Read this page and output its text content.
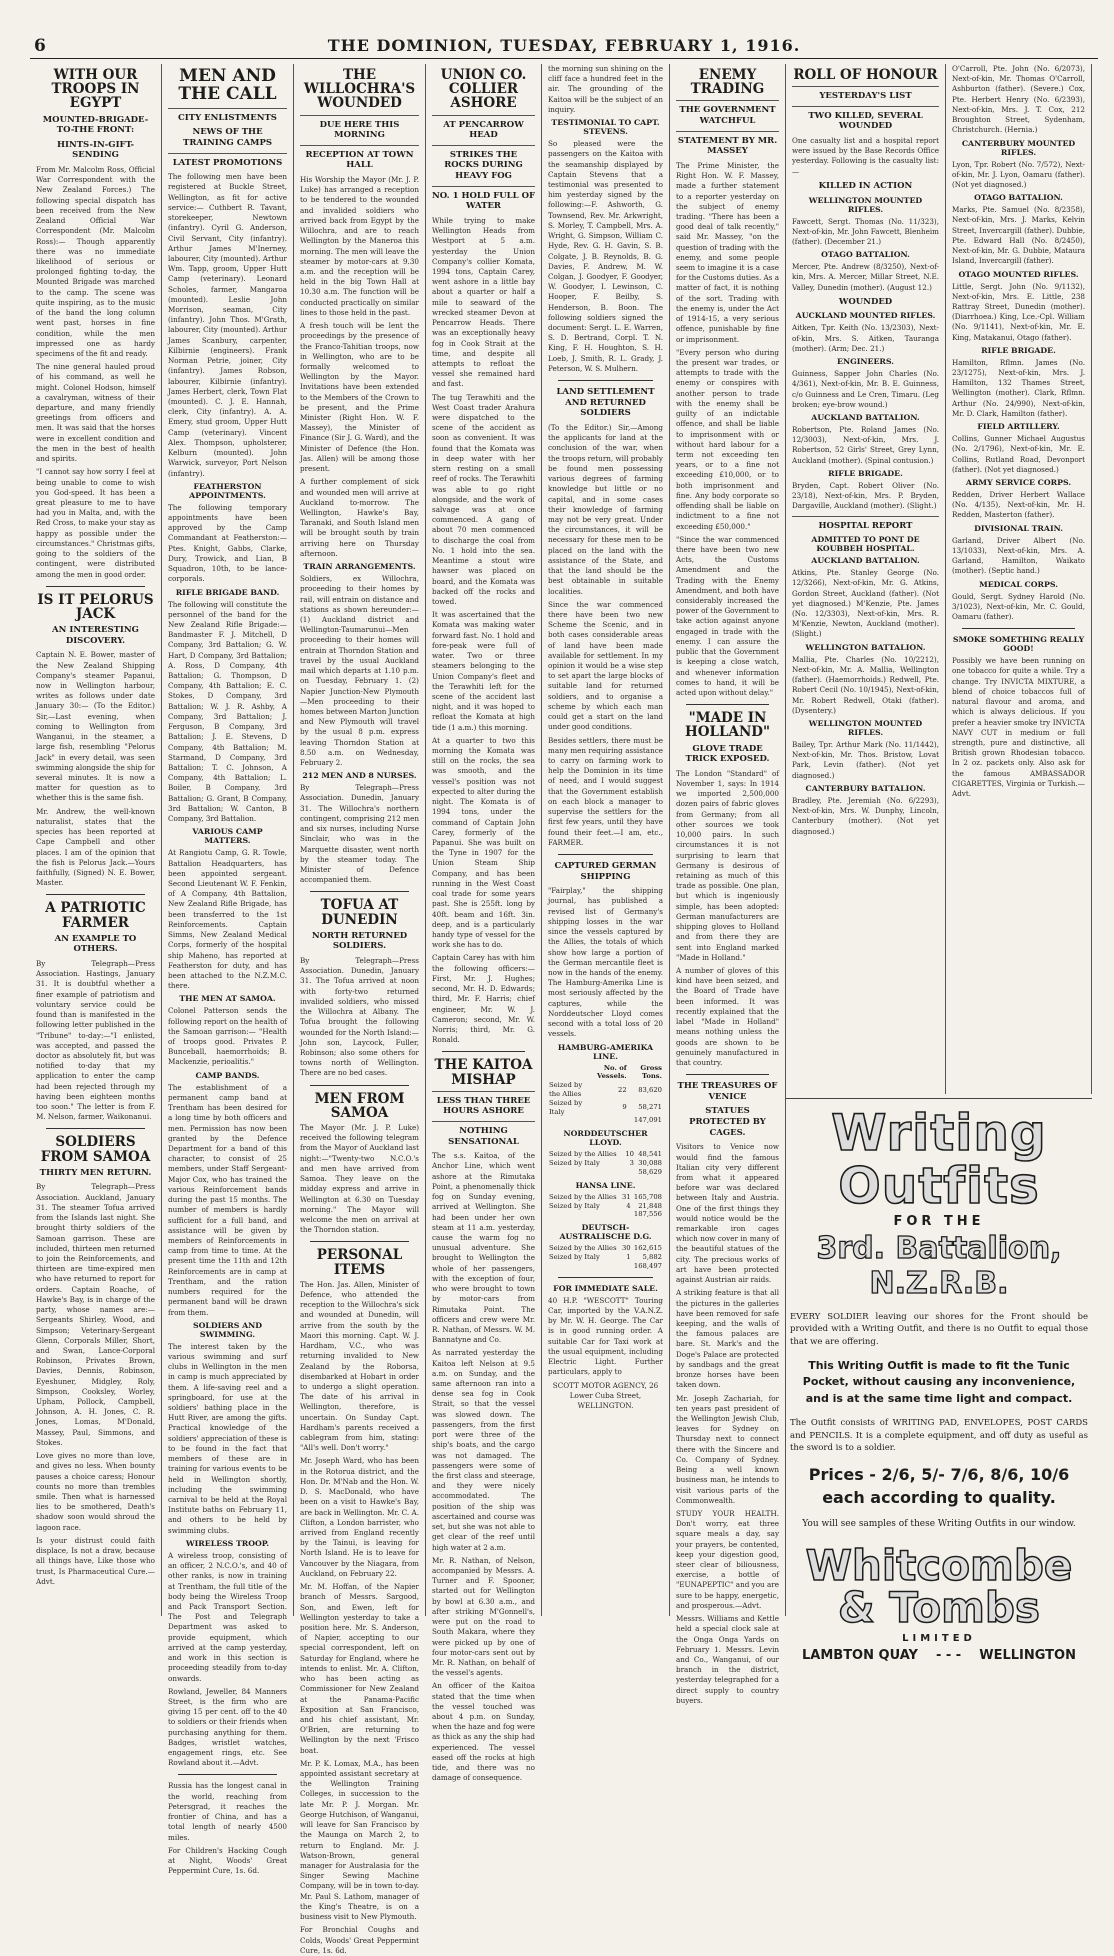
6	THE DOMINION, TUESDAY, FEBRUARY 1, 1916.
WITH OUR TROOPS IN EGYPT
MOUNTED-BRIGADE-TO-THE FRONT:
HINTS-IN-GIFT-SENDING

From Mr. Malcolm Ross, Official War Correspondent with the New Zealand Forces.) The following special dispatch has been received from the New Zealand Official War Correspondent (Mr. Malcolm Ross):— Though apparently there was no immediate likelihood of serious or prolonged fighting to-day, the Mounted Brigade was marched to the camp. The scene was quite inspiring, as to the music of the band the long column went past, horses in fine condition, while the men impressed one as hardy specimens of the fit and ready.

The nine general hauled proud of his command, as well he might. Colonel Hodson, himself a cavalryman, witness of their departure, and many friendly greetings from officers and men. It was said that the horses were in excellent condition and the men in the best of health and spirits.

"I cannot say how sorry I feel at being unable to come to wish you God-speed. It has been a great pleasure to me to have had you in Malta, and, with the Red Cross, to make your stay as happy as possible under the circumstances." Christmas gifts, going to the soldiers of the contingent, were distributed among the men in good order.

IS IT PELORUS JACK
AN INTERESTING DISCOVERY.

Captain N. E. Bower, master of the New Zealand Shipping Company's steamer Papanui, now in Wellington harbour, writes as follows under date January 30:— (To the Editor.) Sir,—Last evening, when coming to Wellington from Wanganui, in the steamer, a large fish, resembling "Pelorus Jack" in every detail, was seen swimming alongside the ship for several minutes. It is now a matter for question as to whether this is the same fish.

Mr. Andrew, the well-known naturalist, states that the species has been reported at Cape Campbell and other places. I am of the opinion that the fish is Pelorus Jack.—Yours faithfully, (Signed) N. E. Bower, Master.

A PATRIOTIC FARMER
AN EXAMPLE TO OTHERS.

By Telegraph—Press Association. Hastings, January 31. It is doubtful whether a finer example of patriotism and voluntary service could be found than is manifested in the following letter published in the "Tribune" to-day:—"I enlisted, was accepted, and passed the doctor as absolutely fit, but was notified to-day that my application to enter the camp had been rejected through my having been eighteen months too soon." The letter is from F. M. Nelson, farmer, Waikonanui.

SOLDIERS FROM SAMOA
THIRTY MEN RETURN.

By Telegraph—Press Association. Auckland, January 31. The steamer Tofua arrived from the Islands last night. She brought thirty soldiers of the Samoan garrison. These are included, thirteen men returned to join the Reinforcements, and thirteen are time-expired men who have returned to report for orders. Captain Roache, of Hawke's Bay, is in charge of the party, whose names are:—Sergeants Shirley, Wood, and Simpson; Veterinary-Sergeant Glenn, Corporals Miller, Short, and Swan, Lance-Corporal Robinson, Privates Brown, Davies, Dennis, Robinson, Eyeshuner, Midgley, Roly, Simpson, Cooksley, Worley, Upham, Pollock, Campbell, Johnson, A. H. Jones, C. R. Jones, Lomas, M'Donald, Massey, Paul, Simmons, and Stokes.

Love gives no more than love, and gives no less. When bounty pauses a choice caress; Honour counts no more than trembles smile. Then what is harnessed lies to be smothered, Death's shadow soon would shroud the lagoon race.

Is your distrust could faith displace, Is not a draw, because all things have, Like those who trust, Is Pharmaceutical Cure.—Advt.

MEN AND THE CALL
CITY ENLISTMENTS
NEWS OF THE TRAINING CAMPS
LATEST PROMOTIONS

The following men have been registered at Buckle Street, Wellington, as fit for active service:— Cuthbert R. Tavant, storekeeper, Newtown (infantry). Cyril G. Anderson, Civil Servant, City (infantry). Arthur James M'Inerney, labourer, City (mounted). Arthur Wm. Tapp, groom, Upper Hutt Camp (veterinary). Leonard Scholes, farmer, Mangaroa (mounted). Leslie John Morrison, seaman, City (infantry). John Thos. M'Grath, labourer, City (mounted). Arthur James Scanbury, carpenter, Kilbirnie (engineers). Frank Norman Petrie, joiner, City (infantry). James Robson, labourer, Kilbirnie (infantry). James Herbert, clerk, Town Flat (mounted). C. J. E. Hannah, clerk, City (infantry). A. A. Emery, stud groom, Upper Hutt Camp (veterinary). Vincent Alex. Thompson, upholsterer, Kelburn (mounted). John Warwick, surveyor, Port Nelson (infantry).

FEATHERSTON APPOINTMENTS.

The following temporary appointments have been approved by the Camp Commandant at Featherston:—Ptes. Knight, Gabbs, Clarke, Dury, Trowick, and Lian, B Squadron, 10th, to be lance-corporals.

RIFLE BRIGADE BAND.

The following will constitute the personnel of the band for the New Zealand Rifle Brigade:—Bandmaster F. J. Mitchell, D Company, 3rd Battalion; G. W. Hart, D Company, 3rd Battalion; A. Ross, D Company, 4th Battalion; G. Thompson, D Company, 4th Battalion; E. C. Stokes, D Company, 3rd Battalion; W. J. R. Ashby, A Company, 3rd Battalion; J. Ferguson, B Company, 3rd Battalion; J. E. Stevens, D Company, 4th Battalion; M. Starmand, D Company, 3rd Battalion; T. C. Johnson, A Company, 4th Battalion; L. Boiler, B Company, 3rd Battalion; G. Grant, B Company, 3rd Battalion; W. Canton, B Company, 3rd Battalion.

VARIOUS CAMP MATTERS.

At Rangiotu Camp, G. R. Towle, Battalion Headquarters, has been appointed sergeant. Second Lieutenant W. F. Fenkin, of A Company, 4th Battalion, New Zealand Rifle Brigade, has been transferred to the 1st Reinforcements. Captain Simms, New Zealand Medical Corps, formerly of the hospital ship Maheno, has reported at Featherston for duty, and has been attached to the N.Z.M.C. there.

THE MEN AT SAMOA.

Colonel Patterson sends the following report on the health of the Samoan garrison:— "Health of troops good. Privates P. Bunceball, haemorrhoids; B. Mackenzie, perioalitis."

CAMP BANDS.

The establishment of a permanent camp band at Trentham has been desired for a long time by both officers and men. Permission has now been granted by the Defence Department for a band of this character, to consist of 25 members, under Staff Sergeant-Major Cox, who has trained the various Reinforcement bands during the past 15 months. The number of members is hardly sufficient for a full band, and assistance will be given by members of Reinforcements in camp from time to time. At the present time the 11th and 12th Reinforcements are in camp at Trentham, and the ration numbers required for the permanent band will be drawn from them.

SOLDIERS AND SWIMMING.

The interest taken by the various swimming and surf clubs in Wellington in the men in camp is much appreciated by them. A life-saving reel and a springboard, for use at the soldiers' bathing place in the Hutt River, are among the gifts. Practical knowledge of the soldiers' appreciation of these is to be found in the fact that members of these are in training for various events to be held in Wellington shortly, including the swimming carnival to be held at the Royal Institute baths on February 11, and others to be held by swimming clubs.

WIRELESS TROOP.

A wireless troop, consisting of an officer, 2 N.C.O.'s, and 40 of other ranks, is now in training at Trentham, the full title of the body being the Wireless Troop and Pack Transport Section. The Post and Telegraph Department was asked to provide equipment, which arrived at the camp yesterday, and work in this section is proceeding steadily from to-day onwards.

Rowland, Jeweller, 84 Manners Street, is the firm who are giving 15 per cent. off to the 40 to soldiers or their friends when purchasing anything for them. Badges, wristlet watches, engagement rings, etc. See Rowland about it.—Advt.

Russia has the longest canal in the world, reaching from Petersgrad, it reaches the frontier of China, and has a total length of nearly 4500 miles.

For Children's Hacking Cough at Night, Woods' Great Peppermint Cure, 1s. 6d.

THE WILLOCHRA'S WOUNDED
DUE HERE THIS MORNING
RECEPTION AT TOWN HALL

His Worship the Mayor (Mr. J. P. Luke) has arranged a reception to be tendered to the wounded and invalided soldiers who arrived back from Egypt by the Willochra, and are to reach Wellington by the Maneroa this morning. The men will leave the steamer by motor-cars at 9.30 a.m. and the reception will be held in the big Town Hall at 10.30 a.m. The function will be conducted practically on similar lines to those held in the past.

A fresh touch will be lent the proceedings by the presence of the Franco-Tahitian troops, now in Wellington, who are to be formally welcomed to Wellington by the Mayor. Invitations have been extended to the Members of the Crown to be present, and the Prime Minister (Right Hon. W. F. Massey), the Minister of Finance (Sir J. G. Ward), and the Minister of Defence (the Hon. Jas. Allen) will be among those present.

A further complement of sick and wounded men will arrive at Auckland to-morrow. The Wellington, Hawke's Bay, Taranaki, and South Island men will be brought south by train arriving here on Thursday afternoon.

TRAIN ARRANGEMENTS.

Soldiers, ex Willochra, proceeding to their homes by rail, will entrain on distance and stations as shown hereunder:—(1) Auckland district and Wellington-Taumarunui—Men proceeding to their homes will entrain at Thorndon Station and travel by the usual Auckland mail which departs at 1.10 p.m. on Tuesday, February 1. (2) Napier Junction-New Plymouth—Men proceeding to their homes between Marton Junction and New Plymouth will travel by the usual 8 p.m. express leaving Thorndon Station at 8.50 a.m. on Wednesday, February 2.

212 MEN AND 8 NURSES.

By Telegraph—Press Association. Dunedin, January 31. The Willochra's northern contingent, comprising 212 men and six nurses, including Nurse Sinclair, who was in the Marquette disaster, went north by the steamer today. The Minister of Defence accompanied them.

TOFUA AT DUNEDIN
NORTH RETURNED SOLDIERS.

By Telegraph—Press Association. Dunedin, January 31. The Tofua arrived at noon with forty-two returned invalided soldiers, who missed the Willochra at Albany. The Tofua brought the following wounded for the North Island:—John son, Laycock, Fuller, Robinson; also some others for towns north of Wellington. There are no bed cases.

MEN FROM SAMOA

The Mayor (Mr. J. P. Luke) received the following telegram from the Mayor of Auckland last night:—"Twenty-two N.C.O.'s and men have arrived from Samoa. They leave on the midday express and arrive in Wellington at 6.30 on Tuesday morning." The Mayor will welcome the men on arrival at the Thorndon station.

PERSONAL ITEMS

The Hon. Jas. Allen, Minister of Defence, who attended the reception to the Willochra's sick and wounded at Dunedin, will arrive from the south by the Maori this morning. Capt. W. J. Hardham, V.C., who was returning invalided to New Zealand by the Roborsa, disembarked at Hobart in order to undergo a slight operation. The date of his arrival in Wellington, therefore, is uncertain. On Sunday Capt. Hardham's parents received a cablegram from him, stating: "All's well. Don't worry."

Mr. Joseph Ward, who has been in the Rotorua district, and the Hon. Dr. M'Nab and the Hon. W. D. S. MacDonald, who have been on a visit to Hawke's Bay, are back in Wellington. Mr. C. A. Clifton, a London barrister, who arrived from England recently by the Tainui, is leaving for North Island. He is to leave for Vancouver by the Niagara, from Auckland, on February 22.

Mr. M. Hoffan, of the Napier branch of Messrs. Sargood, Son, and Ewen, left for Wellington yesterday to take a position here. Mr. S. Anderson, of Napier, accepting to our special correspondent, left on Saturday for England, where he intends to enlist. Mr. A. Clifton, who has been acting as Commissioner for New Zealand at the Panama-Pacific Exposition at San Francisco, and his chief assistant, Mr. O'Brien, are returning to Wellington by the next 'Frisco boat.

Mr. P. K. Lomax, M.A., has been appointed assistant secretary at the Wellington Training Colleges, in succession to the late Mr. P. J. Morgan. Mr. George Hutchison, of Wanganui, will leave for San Francisco by the Maunga on March 2, to return to England. Mr. J. Watson-Brown, general manager for Australasia for the Singer Sewing Machine Company, will be in town to-day. Mr. Paul S. Lathom, manager of the King's Theatre, is on a business visit to New Plymouth.

For Bronchial Coughs and Colds, Woods' Great Peppermint Cure, 1s. 6d.

UNION CO. COLLIER ASHORE
AT PENCARROW HEAD
STRIKES THE ROCKS DURING HEAVY FOG
NO. 1 HOLD FULL OF WATER

While trying to make Wellington Heads from Westport at 5 a.m. yesterday the Union Company's collier Komata, 1994 tons, Captain Carey, went ashore in a little bay about a quarter or half a mile to seaward of the wrecked steamer Devon at Pencarrow Heads. There was an exceptionally heavy fog in Cook Strait at the time, and despite all attempts to refloat the vessel she remained hard and fast.

The tug Terawhiti and the West Coast trader Arahura were dispatched to the scene of the accident as soon as convenient. It was found that the Komata was in deep water with her stern resting on a small reef of rocks. The Terawhiti was able to go right alongside, and the work of salvage was at once commenced. A gang of about 70 men commenced to discharge the coal from No. 1 hold into the sea. Meantime a stout wire hawser was placed on board, and the Komata was backed off the rocks and towed.

It was ascertained that the Komata was making water forward fast. No. 1 hold and fore-peak were full of water. Two or three steamers belonging to the Union Company's fleet and the Terawhiti left for the scene of the accident last night, and it was hoped to refloat the Komata at high tide (1 a.m.) this morning.

At a quarter to two this morning the Komata was still on the rocks, the sea was smooth, and the vessel's position was not expected to alter during the night. The Komata is of 1994 tons, under the command of Captain John Carey, formerly of the Papanui. She was built on the Tyne in 1907 for the Union Steam Ship Company, and has been running in the West Coast coal trade for some years past. She is 255ft. long by 40ft. beam and 16ft. 3in. deep, and is a particularly handy type of vessel for the work she has to do.

Captain Carey has with him the following officers:—First, Mr. J. Hughes; second, Mr. H. D. Edwards; third, Mr. F. Harris; chief engineer, Mr. W. J. Cameron; second, Mr. W. Norris; third, Mr. G. Ronald.

THE KAITOA MISHAP
LESS THAN THREE HOURS ASHORE
NOTHING SENSATIONAL

The s.s. Kaitoa, of the Anchor Line, which went ashore at the Rimutaka Point, a phenomenally thick fog on Sunday evening, arrived at Wellington. She had been under her own steam at 11 a.m. yesterday, cause the warm fog no unusual adventure. She brought to Wellington the whole of her passengers, with the exception of four, who were brought to town by motor-cars from Rimutaka Point. The officers and crew were Mr. R. Nathan, of Messrs. W. M. Bannatyne and Co.

As narrated yesterday the Kaitoa left Nelson at 9.5 a.m. on Sunday, and the same afternoon ran into a dense sea fog in Cook Strait, so that the vessel was slowed down. The passengers, from the first port were three of the ship's boats, and the cargo was not damaged. The passengers were some of the first class and steerage, and they were nicely accommodated. The position of the ship was ascertained and course was set, but she was not able to get clear of the reef until high water at 2 a.m.

Mr. R. Nathan, of Nelson, accompanied by Messrs. A. Turner and F. Spooner, started out for Wellington by bowl at 6.30 a.m., and after striking M'Gonnell's, were put on the road to South Makara, where they were picked up by one of four motor-cars sent out by Mr. R. Nathan, on behalf of the vessel's agents.

An officer of the Kaitoa stated that the time when the vessel touched was about 4 p.m. on Sunday, when the haze and fog were as thick as any the ship had experienced. The vessel eased off the rocks at high tide, and there was no damage of consequence.

the morning sun shining on the cliff face a hundred feet in the air. The grounding of the Kaitoa will be the subject of an inquiry.

TESTIMONIAL TO CAPT. STEVENS.

So pleased were the passengers on the Kaitoa with the seamanship displayed by Captain Stevens that a testimonial was presented to him yesterday signed by the following:—F. Ashworth, G. Townsend, Rev. Mr. Arkwright, S. Morley, T. Campbell, Mrs. A. Wright, G. Simpson, William C. Hyde, Rev. G. H. Gavin, S. B. Colgate, J. B. Reynolds, B. G. Davies, F. Andrew, M. W. Colgan, J. Goodyer, F. Goodyer, W. Goodyer, I. Lewinson, C. Hooper, F. Beilby, S. Henderson, B. Boon. The following soldiers signed the document: Sergt. L. E. Warren, S. D. Bertrand, Corpl. T. N. King, F. H. Houghton, S. H. Loeb, J. Smith, R. L. Grady, J. Peterson, W. S. Mulhern.

LAND SETTLEMENT AND RETURNED SOLDIERS

(To the Editor.) Sir,—Among the applicants for land at the conclusion of the war, when the troops return, will probably be found men possessing various degrees of farming knowledge but little or no capital, and in some cases their knowledge of farming may not be very great. Under the circumstances, it will be necessary for these men to be placed on the land with the assistance of the State, and that the land should be the best obtainable in suitable localities.

Since the war commenced there have been two new Scheme the Scenic, and in both cases considerable areas of land have been made available for settlement. In my opinion it would be a wise step to set apart the large blocks of suitable land for returned soldiers, and to organise a scheme by which each man could get a start on the land under good conditions.

Besides settlers, there must be many men requiring assistance to carry on farming work to help the Dominion in its time of need, and I would suggest that the Government establish on each block a manager to supervise the settlers for the first few years, until they have found their feet.—I am, etc., FARMER.

CAPTURED GERMAN SHIPPING

"Fairplay," the shipping journal, has published a revised list of Germany's shipping losses in the war since the vessels captured by the Allies, the totals of which show how large a portion of the German mercantile fleet is now in the hands of the enemy. The Hamburg-Amerika Line is most seriously affected by the captures, while the Norddeutscher Lloyd comes second with a total loss of 20 vessels.

HAMBURG-AMERIKA LINE.
	No. of Vessels.	Gross Tons.
Seized by the Allies	22	83,620
Seized by Italy	9	58,271
		147,091
NORDDEUTSCHER LLOYD.
Seized by the Allies	10	48,541
Seized by Italy	3	30,088
		58,629
HANSA LINE.
Seized by the Allies	31	165,708
Seized by Italy	4	21,848
		187,556
DEUTSCH-AUSTRALISCHE D.G.
Seized by the Allies	30	162,615
Seized by Italy	1	5,882
		168,497
FOR IMMEDIATE SALE.

40 H.P. "WESCOTT" Touring Car, imported by the V.A.N.Z. by Mr. W. H. George. The Car is in good running order. A suitable Car for Taxi work at the usual equipment, including Electric Light. Further particulars, apply to

SCOTT MOTOR AGENCY, 26 Lower Cuba Street, WELLINGTON.

ENEMY TRADING
THE GOVERNMENT WATCHFUL
STATEMENT BY MR. MASSEY

The Prime Minister, the Right Hon. W. F. Massey, made a further statement to a reporter yesterday on the subject of enemy trading. "There has been a good deal of talk recently," said Mr. Massey, "on the question of trading with the enemy, and some people seem to imagine it is a case for the Customs duties. As a matter of fact, it is nothing of the sort. Trading with the enemy is, under the Act of 1914-15, a very serious offence, punishable by fine or imprisonment.

"Every person who during the present war trades, or attempts to trade with the enemy or conspires with another person to trade with the enemy shall be guilty of an indictable offence, and shall be liable to imprisonment with or without hard labour for a term not exceeding ten years, or to a fine not exceeding £10,000, or to both imprisonment and fine. Any body corporate so offending shall be liable on indictment to a fine not exceeding £50,000."

"Since the war commenced there have been two new Acts, the Customs Amendment and the Trading with the Enemy Amendment, and both have considerably increased the power of the Government to take action against anyone engaged in trade with the enemy. I can assure the public that the Government is keeping a close watch, and whenever information comes to hand, it will be acted upon without delay."

"MADE IN HOLLAND"
GLOVE TRADE TRICK EXPOSED.

The London "Standard" of November 1, says: In 1914 we imported 2,500,000 dozen pairs of fabric gloves from Germany; from all other sources we took 10,000 pairs. In such circumstances it is not surprising to learn that Germany is desirous of retaining as much of this trade as possible. One plan, but which is ingeniously simple, has been adopted: German manufacturers are shipping gloves to Holland and from there they are sent into England marked "Made in Holland."

A number of gloves of this kind have been seized, and the Board of Trade have been informed. It was recently explained that the label "Made in Holland" means nothing unless the goods are shown to be genuinely manufactured in that country.

THE TREASURES OF VENICE
STATUES PROTECTED BY CAGES.

Visitors to Venice now would find the famous Italian city very different from what it appeared before war was declared between Italy and Austria. One of the first things they would notice would be the remarkable iron cages which now cover in many of the beautiful statues of the city. The precious works of art have been protected against Austrian air raids.

A striking feature is that all the pictures in the galleries have been removed for safe keeping, and the walls of the famous palaces are bare. St. Mark's and the Doge's Palace are protected by sandbags and the great bronze horses have been taken down.

Mr. Joseph Zachariah, for ten years past president of the Wellington Jewish Club, leaves for Sydney on Thursday next to connect there with the Sincere and Co. Company of Sydney. Being a well known business man, he intends to visit various parts of the Commonwealth.

STUDY YOUR HEALTH. Don't worry, eat three square meals a day, say your prayers, be contented, keep your digestion good, steer clear of biliousness, exercise, a bottle of "EUNAPEPTIC" and you are sure to be happy, energetic, and prosperous.—Advt.

Messrs. Williams and Kettle held a special clock sale at the Onga Onga Yards on February 1. Messrs. Levin and Co., Wanganui, of our branch in the district, yesterday telegraphed for a direct supply to country buyers.

ROLL OF HONOUR
YESTERDAY'S LIST
TWO KILLED, SEVERAL WOUNDED

One casualty list and a hospital report were issued by the Base Records Office yesterday. Following is the casualty list:—

KILLED IN ACTION
WELLINGTON MOUNTED RIFLES.

Fawcett, Sergt. Thomas (No. 11/323), Next-of-kin, Mr. John Fawcett, Blenheim (father). (December 21.)

OTAGO BATTALION.

Mercer, Pte. Andrew (8/3250), Next-of-kin, Mrs. A. Mercer, Millar Street, N.E. Valley, Dunedin (mother). (August 12.)

WOUNDED
AUCKLAND MOUNTED RIFLES.

Aitken, Tpr. Keith (No. 13/2303), Next-of-kin, Mrs. S. Aitken, Tauranga (mother). (Arm; Dec. 21.)

ENGINEERS.

Guinness, Sapper John Charles (No. 4/361), Next-of-kin, Mr. B. E. Guinness, c/o Guinness and Le Cren, Timaru. (Leg broken; eye-brow wound.)

AUCKLAND BATTALION.

Robertson, Pte. Roland James (No. 12/3003), Next-of-kin, Mrs. J. Robertson, 52 Girls' Street, Grey Lynn, Auckland (mother). (Spinal contusion.)

RIFLE BRIGADE.

Bryden, Capt. Robert Oliver (No. 23/18), Next-of-kin, Mrs. P. Bryden, Dargaville, Auckland (mother). (Slight.)

HOSPITAL REPORT
ADMITTED TO PONT DE KOUBBEH HOSPITAL.
AUCKLAND BATTALION.

Atkins, Pte. Stanley George (No. 12/3266), Next-of-kin, Mr. G. Atkins, Gordon Street, Auckland (father). (Not yet diagnosed.) M'Kenzie, Pte. James (No. 12/3303), Next-of-kin, Mrs. R. M'Kenzie, Newton, Auckland (mother). (Slight.)

WELLINGTON BATTALION.

Mallia, Pte. Charles (No. 10/2212), Next-of-kin, Mr. A. Mallia, Wellington (father). (Haemorrhoids.) Redwell, Pte. Robert Cecil (No. 10/1945), Next-of-kin, Mr. Robert Redwell, Otaki (father). (Dysentery.)

WELLINGTON MOUNTED RIFLES.

Bailey, Tpr. Arthur Mark (No. 11/1442), Next-of-kin, Mr. Thos. Bristow, Lovat Park, Levin (father). (Not yet diagnosed.)

CANTERBURY BATTALION.

Bradley, Pte. Jeremiah (No. 6/2293), Next-of-kin, Mrs. W. Dunphy, Lincoln, Canterbury (mother). (Not yet diagnosed.)

O'Carroll, Pte. John (No. 6/2073), Next-of-kin, Mr. Thomas O'Carroll, Ashburton (father). (Severe.) Cox, Pte. Herbert Henry (No. 6/2393), Next-of-kin, Mrs. J. T. Cox, 212 Broughton Street, Sydenham, Christchurch. (Hernia.)

CANTERBURY MOUNTED RIFLES.

Lyon, Tpr. Robert (No. 7/572), Next-of-kin, Mr. J. Lyon, Oamaru (father). (Not yet diagnosed.)

OTAGO BATTALION.

Marks, Pte. Samuel (No. 8/2358), Next-of-kin, Mrs. J. Marks, Kelvin Street, Invercargill (father). Dubbie, Pte. Edward Hall (No. 8/2450), Next-of-kin, Mr. G. Dubbie, Mataura Island, Invercargill (father).

OTAGO MOUNTED RIFLES.

Little, Sergt. John (No. 9/1132), Next-of-kin, Mrs. E. Little, 238 Rattray Street, Dunedin (mother). (Diarrhoea.) King, Lce.-Cpl. William (No. 9/1141), Next-of-kin, Mr. E. King, Matakanui, Otago (father).

RIFLE BRIGADE.

Hamilton, Rflmn. James (No. 23/1275), Next-of-kin, Mrs. J. Hamilton, 132 Thames Street, Wellington (mother). Clark, Rflmn. Arthur (No. 24/990), Next-of-kin, Mr. D. Clark, Hamilton (father).

FIELD ARTILLERY.

Collins, Gunner Michael Augustus (No. 2/1796), Next-of-kin, Mr. E. Collins, Rutland Road, Devonport (father). (Not yet diagnosed.)

ARMY SERVICE CORPS.

Redden, Driver Herbert Wallace (No. 4/135), Next-of-kin, Mr. H. Redden, Masterton (father).

DIVISIONAL TRAIN.

Garland, Driver Albert (No. 13/1033), Next-of-kin, Mrs. A. Garland, Hamilton, Waikato (mother). (Septic hand.)

MEDICAL CORPS.

Gould, Sergt. Sydney Harold (No. 3/1023), Next-of-kin, Mr. C. Gould, Oamaru (father).

SMOKE SOMETHING REALLY GOOD!

Possibly we have been running on one tobacco for quite a while. Try a change. Try INVICTA MIXTURE, a blend of choice tobaccos full of natural flavour and aroma, and which is always delicious. If you prefer a heavier smoke try INVICTA NAVY CUT in medium or full strength, pure and distinctive, all British grown Rhodesian tobacco. In 2 oz. packets only. Also ask for the famous AMBASSADOR CIGARETTES, Virginia or Turkish.—Advt.

Writing Outfits
FOR THE
3rd. Battalion, N.Z.R.B.

EVERY SOLDIER leaving our shores for the Front should be provided with a Writing Outfit, and there is no Outfit to equal those that we are offering.

This Writing Outfit is made to fit the Tunic Pocket, without causing any inconvenience, and is at the same time light and compact.

The Outfit consists of WRITING PAD, ENVELOPES, POST CARDS and PENCILS. It is a complete equipment, and off duty as useful as the sword is to a soldier.

Prices - 2/6, 5/- 7/6, 8/6, 10/6 each according to quality.
You will see samples of these Writing Outfits in our window.
Whitcombe & Tombs
LIMITED
LAMBTON QUAY - - - WELLINGTON
